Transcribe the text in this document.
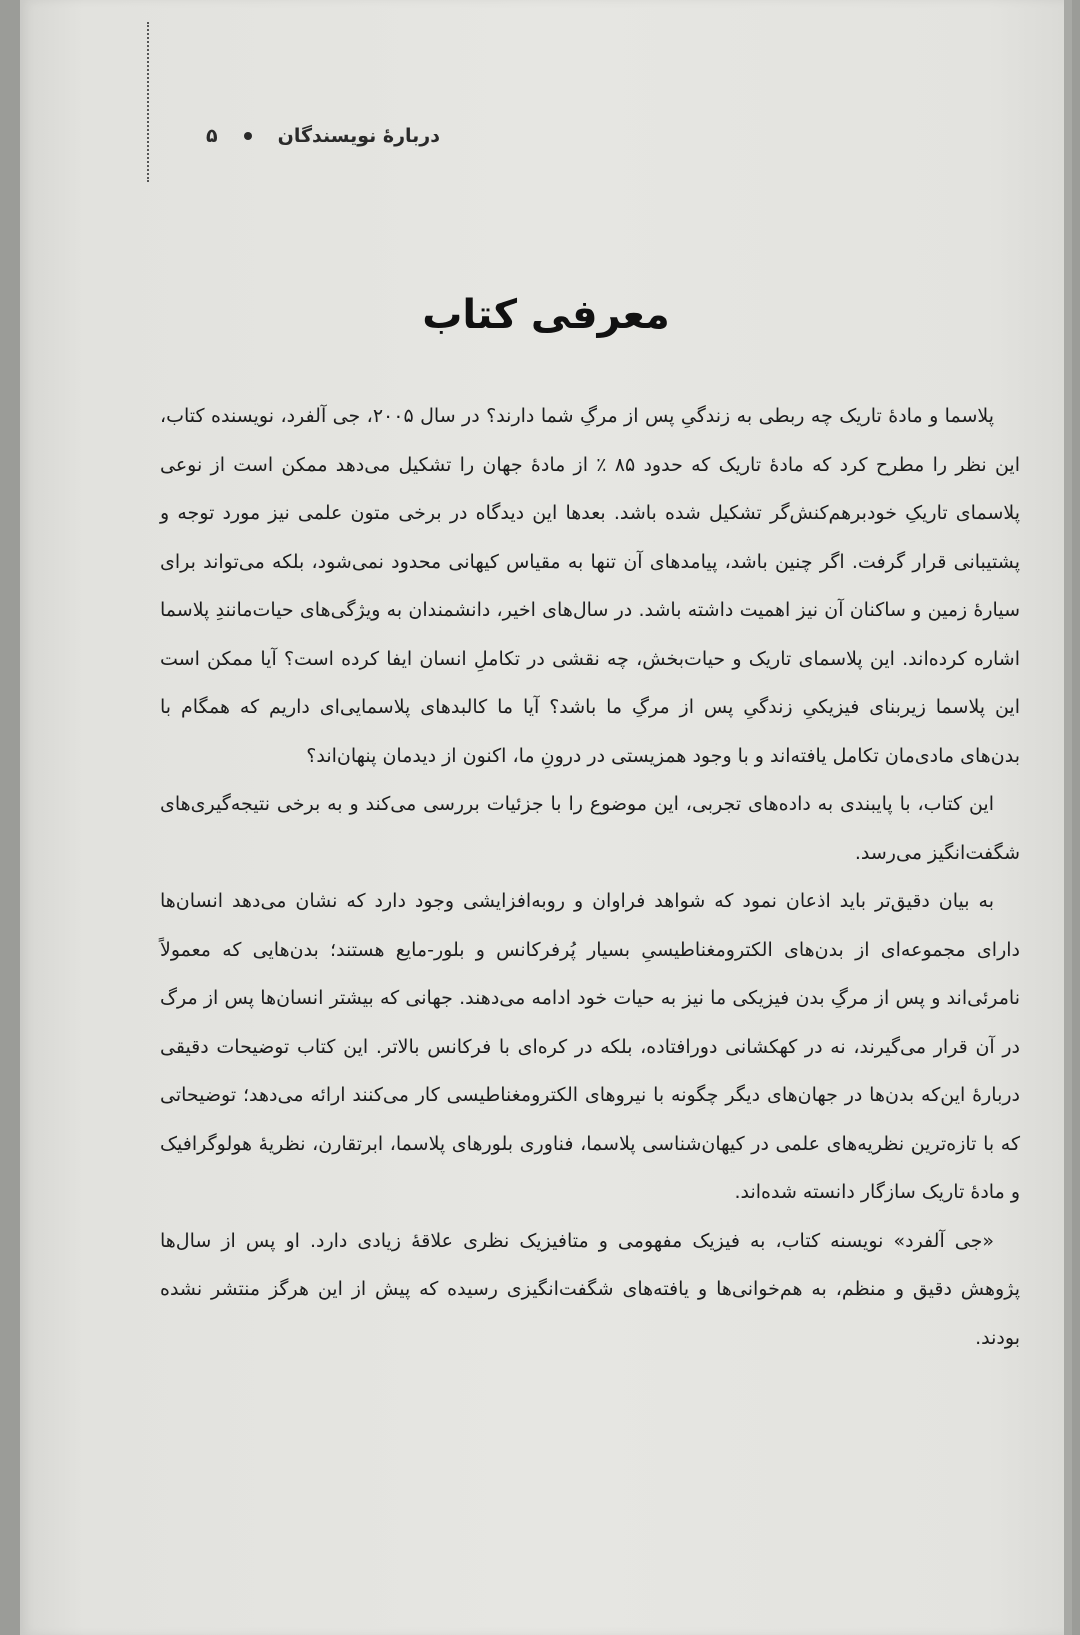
دربارهٔ نویسندگان
۵
معرفی کتاب

پلاسما و مادهٔ تاریک چه ربطی به زندگیِ پس از مرگِ شما دارند؟ در سال ۲۰۰۵، جی آلفرد، نویسنده کتاب، این نظر را مطرح کرد که مادهٔ تاریک که حدود ۸۵ ٪ از مادهٔ جهان را تشکیل می‌دهد ممکن است از نوعی پلاسمای تاریکِ خودبرهم‌کنش‌گر تشکیل شده باشد. بعدها این دیدگاه در برخی متون علمی نیز مورد توجه و پشتیبانی قرار گرفت. اگر چنین باشد، پیامدهای آن تنها به مقیاس کیهانی محدود نمی‌شود، بلکه می‌تواند برای سیارهٔ زمین و ساکنان آن نیز اهمیت داشته باشد. در سال‌های اخیر، دانشمندان به ویژگی‌های حیات‌مانندِ پلاسما اشاره کرده‌اند. این پلاسمای تاریک و حیات‌بخش، چه نقشی در تکاملِ انسان ایفا کرده است؟ آیا ممکن است این پلاسما زیربنای فیزیکیِ زندگیِ پس از مرگِ ما باشد؟ آیا ما کالبدهای پلاسمایی‌ای داریم که همگام با بدن‌های مادی‌مان تکامل یافته‌اند و با وجود همزیستی در درونِ ما، اکنون از دیدمان پنهان‌اند؟

این کتاب، با پایبندی به داده‌های تجربی، این موضوع را با جزئیات بررسی می‌کند و به برخی نتیجه‌گیری‌های شگفت‌انگیز می‌رسد.

به بیان دقیق‌تر باید اذعان نمود که شواهد فراوان و روبه‌افزایشی وجود دارد که نشان می‌دهد انسان‌ها دارای مجموعه‌ای از بدن‌های الکترومغناطیسیِ بسیار پُرفرکانس و بلور-مایع هستند؛ بدن‌هایی که معمولاً نامرئی‌اند و پس از مرگِ بدن فیزیکی ما نیز به حیات خود ادامه می‌دهند. جهانی که بیشتر انسان‌ها پس از مرگ در آن قرار می‌گیرند، نه در کهکشانی دورافتاده، بلکه در کره‌ای با فرکانس بالاتر. این کتاب توضیحات دقیقی دربارهٔ این‌که بدن‌ها در جهان‌های دیگر چگونه با نیروهای الکترومغناطیسی کار می‌کنند ارائه می‌دهد؛ توضیحاتی که با تازه‌ترین نظریه‌های علمی در کیهان‌شناسی پلاسما، فناوری بلورهای پلاسما، ابرتقارن، نظریهٔ هولوگرافیک و مادهٔ تاریک سازگار دانسته شده‌اند.

«جی آلفرد» نویسنه کتاب، به فیزیک مفهومی و متافیزیک نظری علاقهٔ زیادی دارد. او پس از سال‌ها پژوهش دقیق و منظم، به هم‌خوانی‌ها و یافته‌های شگفت‌انگیزی رسیده که پیش از این هرگز منتشر نشده بودند.
